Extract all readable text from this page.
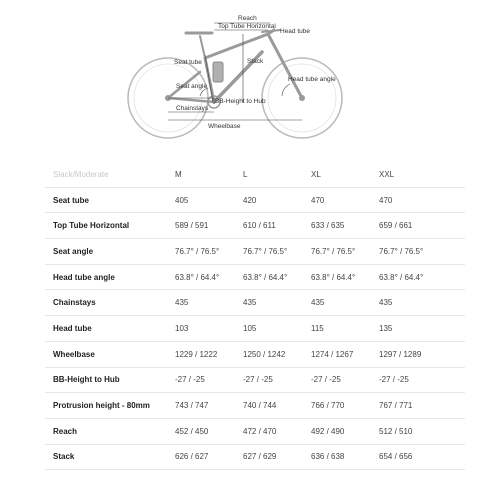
Reach
Top Tube Horizontal
Head tube
Seat tube	Stack
Head tube angle
Seat angle
BB-Height to Hub
Chainstays
Wheelbase
Slack/Moderate	M	L	XL	XXL
Seat tube	405	420	470	470
Top Tube Horizontal	589 / 591	610 / 611	633 / 635	659 / 661
Seat angle	76.7° / 76.5°	76.7° / 76.5°	76.7° / 76.5°	76.7° / 76.5°
Head tube angle	63.8° / 64.4°	63.8° / 64.4°	63.8° / 64.4°	63.8° / 64.4°
Chainstays	435	435	435	435
Head tube	103	105	115	135
Wheelbase	1229 / 1222	1250 / 1242	1274 / 1267	1297 / 1289
BB-Height to Hub	-27 / -25	-27 / -25	-27 / -25	-27 / -25
Protrusion height - 80mm	743 / 747	740 / 744	766 / 770	767 / 771
Reach	452 / 450	472 / 470	492 / 490	512 / 510
Stack	626 / 627	627 / 629	636 / 638	654 / 656
